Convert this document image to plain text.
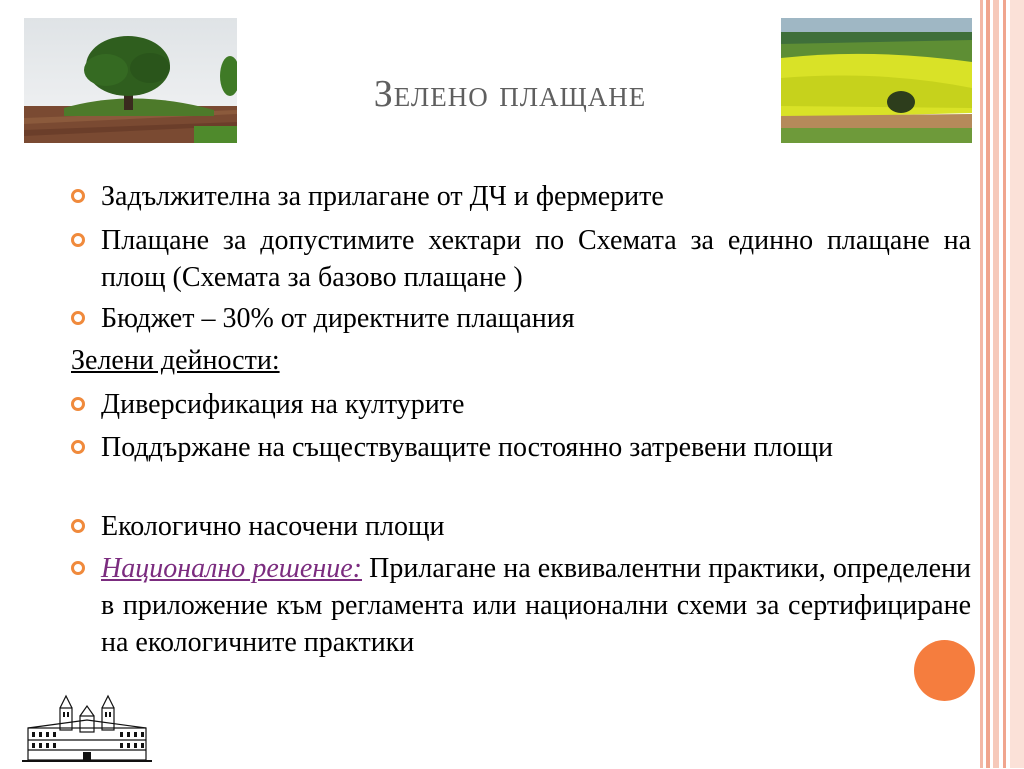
Зелено плащане
Задължителна за прилагане от ДЧ и фермерите
Плащане за допустимите хектари по Схемата за единно плащане на площ (Схемата за базово плащане )
Бюджет – 30% от директните плащания
Зелени дейности:
Диверсификация на културите
Поддържане на съществуващите постоянно затревени площи
Екологично насочени площи
Национално решение: Прилагане на еквивалентни практики, определени в приложение към регламента или национални схеми за сертифициране на екологичните практики
